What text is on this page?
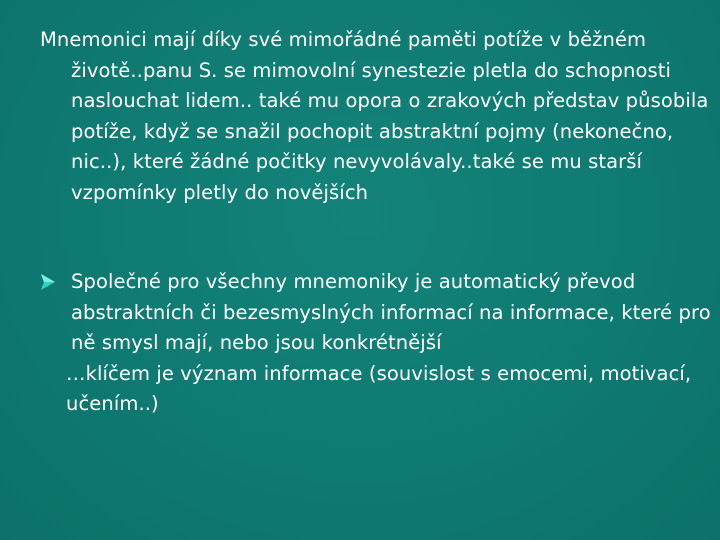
Mnemonici mají díky své mimořádné paměti potíže v běžném životě..panu S. se mimovolní synestezie pletla do schopnosti naslouchat lidem.. také mu opora o zrakových představ působila potíže, když se snažil pochopit abstraktní pojmy (nekonečno, nic..), které žádné počitky nevyvolávaly..také se mu starší vzpomínky pletly do novějších

Společné pro všechny mnemoniky je automatický převod abstraktních či bezesmyslných informací na informace, které pro ně smysl mají, nebo jsou konkrétnější
…klíčem je význam informace (souvislost s emocemi, motivací, učením..)
